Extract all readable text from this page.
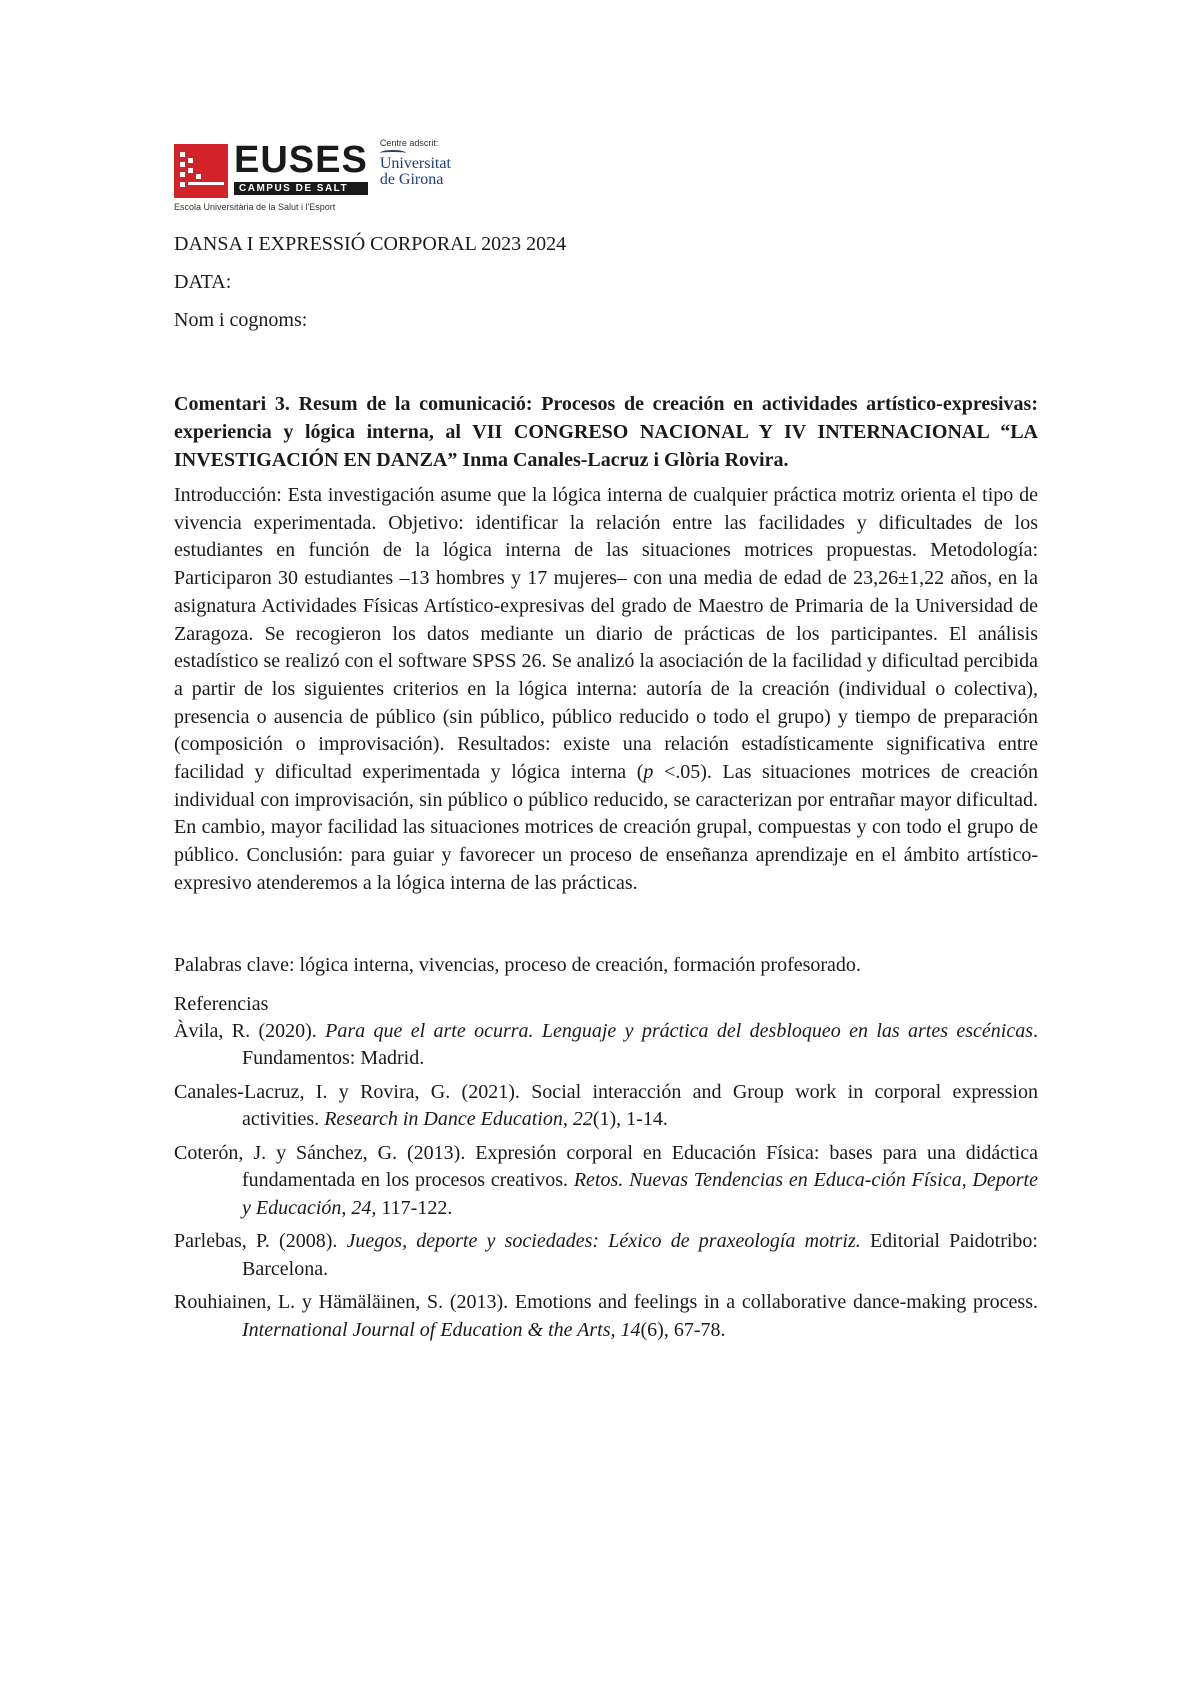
EUSES
CAMPUS DE SALT
Centre adscrit:
Universitat
de Girona
Escola Universitària de la Salut i l'Esport

DANSA I EXPRESSIÓ CORPORAL 2023 2024

DATA:

Nom i cognoms:

Comentari 3. Resum de la comunicació: Procesos de creación en actividades artístico-expresivas: experiencia y lógica interna, al VII CONGRESO NACIONAL Y IV INTERNACIONAL “LA INVESTIGACIÓN EN DANZA” Inma Canales-Lacruz i Glòria Rovira.

Introducción: Esta investigación asume que la lógica interna de cualquier práctica motriz orienta el tipo de vivencia experimentada. Objetivo: identificar la relación entre las facilidades y dificultades de los estudiantes en función de la lógica interna de las situaciones motrices propuestas. Metodología: Participaron 30 estudiantes –13 hombres y 17 mujeres– con una media de edad de 23,26±1,22 años, en la asignatura Actividades Físicas Artístico-expresivas del grado de Maestro de Primaria de la Universidad de Zaragoza. Se recogieron los datos mediante un diario de prácticas de los participantes. El análisis estadístico se realizó con el software SPSS 26. Se analizó la asociación de la facilidad y dificultad percibida a partir de los siguientes criterios en la lógica interna: autoría de la creación (individual o colectiva), presencia o ausencia de público (sin público, público reducido o todo el grupo) y tiempo de preparación (composición o improvisación). Resultados: existe una relación estadísticamente significativa entre facilidad y dificultad experimentada y lógica interna (p <.05). Las situaciones motrices de creación individual con improvisación, sin público o público reducido, se caracterizan por entrañar mayor dificultad. En cambio, mayor facilidad las situaciones motrices de creación grupal, compuestas y con todo el grupo de público. Conclusión: para guiar y favorecer un proceso de enseñanza aprendizaje en el ámbito artístico-expresivo atenderemos a la lógica interna de las prácticas.

Palabras clave: lógica interna, vivencias, proceso de creación, formación profesorado.

Referencias

Àvila, R. (2020). Para que el arte ocurra. Lenguaje y práctica del desbloqueo en las artes escénicas. Fundamentos: Madrid.

Canales-Lacruz, I. y Rovira, G. (2021). Social interacción and Group work in corporal expression activities. Research in Dance Education, 22(1), 1-14.

Coterón, J. y Sánchez, G. (2013). Expresión corporal en Educación Física: bases para una didáctica fundamentada en los procesos creativos. Retos. Nuevas Tendencias en Educa-ción Física, Deporte y Educación, 24, 117-122.

Parlebas, P. (2008). Juegos, deporte y sociedades: Léxico de praxeología motriz. Editorial Paidotribo: Barcelona.

Rouhiainen, L. y Hämäläinen, S. (2013). Emotions and feelings in a collaborative dance-making process. International Journal of Education & the Arts, 14(6), 67-78.
